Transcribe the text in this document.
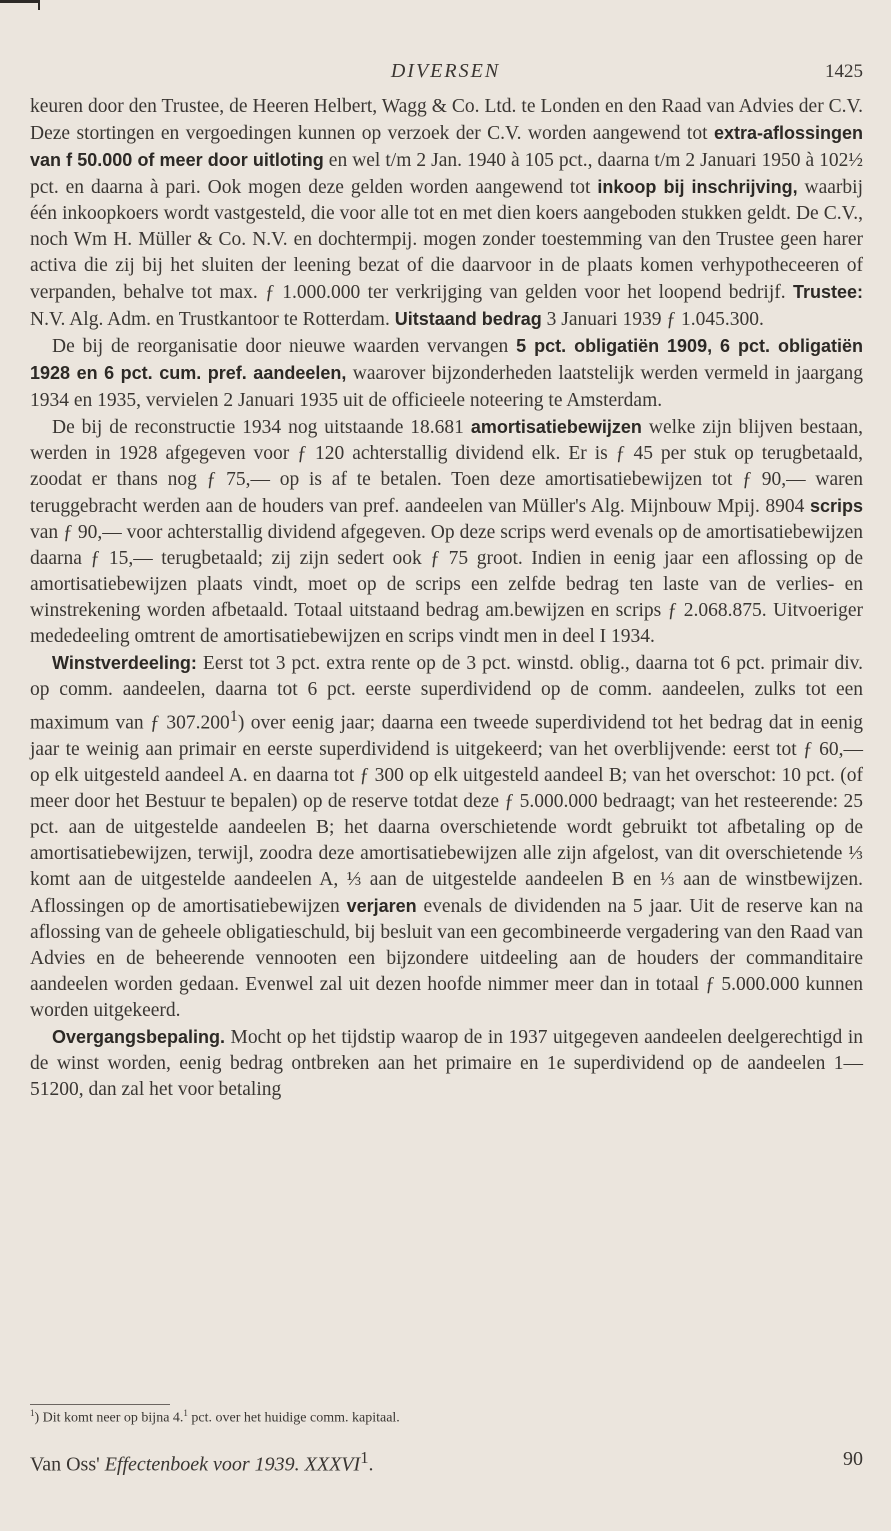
DIVERSEN	1425

keuren door den Trustee, de Heeren Helbert, Wagg & Co. Ltd. te Londen en den Raad van Advies der C.V. Deze stortingen en vergoedingen kunnen op verzoek der C.V. worden aangewend tot extra-aflossingen van f 50.000 of meer door uitloting en wel t/m 2 Jan. 1940 à 105 pct., daarna t/m 2 Januari 1950 à 102½ pct. en daarna à pari. Ook mogen deze gelden worden aangewend tot inkoop bij inschrijving, waarbij één inkoopkoers wordt vastgesteld, die voor alle tot en met dien koers aangeboden stukken geldt. De C.V., noch Wm H. Müller & Co. N.V. en dochtermpij. mogen zonder toestemming van den Trustee geen harer activa die zij bij het sluiten der leening bezat of die daarvoor in de plaats komen verhypotheceeren of verpanden, behalve tot max. ƒ 1.000.000 ter verkrijging van gelden voor het loopend bedrijf. Trustee: N.V. Alg. Adm. en Trustkantoor te Rotterdam. Uitstaand bedrag 3 Januari 1939 ƒ 1.045.300.

De bij de reorganisatie door nieuwe waarden vervangen 5 pct. obligatiën 1909, 6 pct. obligatiën 1928 en 6 pct. cum. pref. aandeelen, waarover bijzonderheden laatstelijk werden vermeld in jaargang 1934 en 1935, vervielen 2 Januari 1935 uit de officieele noteering te Amsterdam.

De bij de reconstructie 1934 nog uitstaande 18.681 amortisatiebewijzen welke zijn blijven bestaan, werden in 1928 afgegeven voor ƒ 120 achterstallig dividend elk. Er is ƒ 45 per stuk op terugbetaald, zoodat er thans nog ƒ 75,— op is af te betalen. Toen deze amortisatiebewijzen tot ƒ 90,— waren teruggebracht werden aan de houders van pref. aandeelen van Müller's Alg. Mijnbouw Mpij. 8904 scrips van ƒ 90,— voor achterstallig dividend afgegeven. Op deze scrips werd evenals op de amortisatiebewijzen daarna ƒ 15,— terugbetaald; zij zijn sedert ook ƒ 75 groot. Indien in eenig jaar een aflossing op de amortisatiebewijzen plaats vindt, moet op de scrips een zelfde bedrag ten laste van de verlies- en winstrekening worden afbetaald. Totaal uitstaand bedrag am.bewijzen en scrips ƒ 2.068.875. Uitvoeriger mededeeling omtrent de amortisatiebewijzen en scrips vindt men in deel I 1934.

Winstverdeeling: Eerst tot 3 pct. extra rente op de 3 pct. winstd. oblig., daarna tot 6 pct. primair div. op comm. aandeelen, daarna tot 6 pct. eerste superdividend op de comm. aandeelen, zulks tot een maximum van ƒ 307.200$^1$) over eenig jaar; daarna een tweede superdividend tot het bedrag dat in eenig jaar te weinig aan primair en eerste superdividend is uitgekeerd; van het overblijvende: eerst tot ƒ 60,— op elk uitgesteld aandeel A. en daarna tot ƒ 300 op elk uitgesteld aandeel B; van het overschot: 10 pct. (of meer door het Bestuur te bepalen) op de reserve totdat deze ƒ 5.000.000 bedraagt; van het resteerende: 25 pct. aan de uitgestelde aandeelen B; het daarna overschietende wordt gebruikt tot afbetaling op de amortisatiebewijzen, terwijl, zoodra deze amortisatiebewijzen alle zijn afgelost, van dit overschietende ⅓ komt aan de uitgestelde aandeelen A, ⅓ aan de uitgestelde aandeelen B en ⅓ aan de winstbewijzen. Aflossingen op de amortisatiebewijzen verjaren evenals de dividenden na 5 jaar. Uit de reserve kan na aflossing van de geheele obligatieschuld, bij besluit van een gecombineerde vergadering van den Raad van Advies en de beheerende vennooten een bijzondere uitdeeling aan de houders der commanditaire aandeelen worden gedaan. Evenwel zal uit dezen hoofde nimmer meer dan in totaal ƒ 5.000.000 kunnen worden uitgekeerd.

Overgangsbepaling. Mocht op het tijdstip waarop de in 1937 uitgegeven aandeelen deelgerechtigd in de winst worden, eenig bedrag ontbreken aan het primaire en 1e superdividend op de aandeelen 1—51200, dan zal het voor betaling

$^1$) Dit komt neer op bijna 4.$^1$ pct. over het huidige comm. kapitaal.
Van Oss' Effectenboek voor 1939. XXXVI$^1$.	90
